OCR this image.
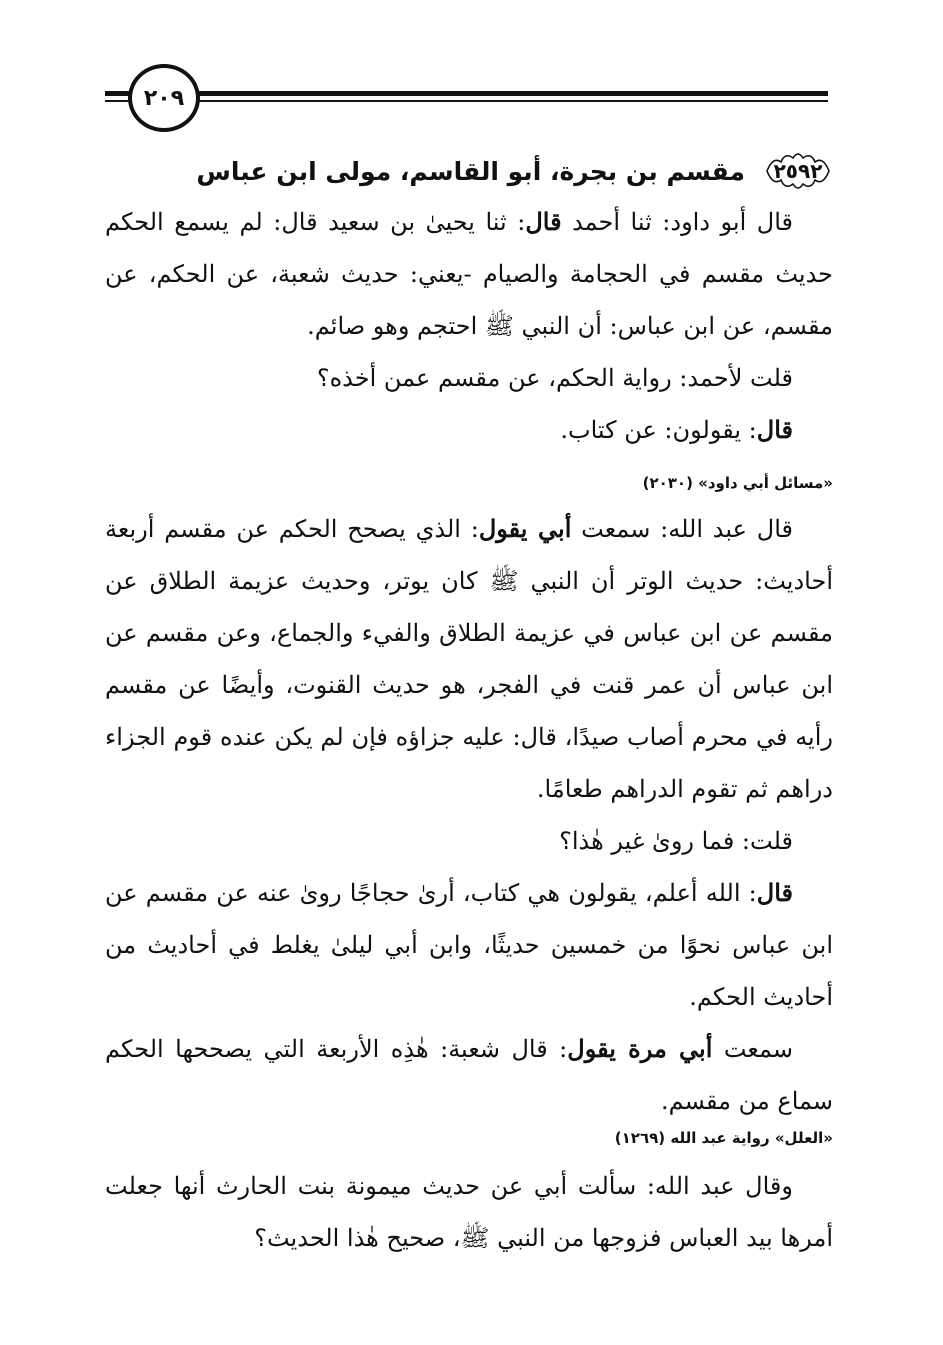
٢٠٩
٢٥٩٢
مقسم بن بجرة، أبو القاسم، مولى ابن عباس

قال أبو داود: ثنا أحمد قال: ثنا يحيىٰ بن سعيد قال: لم يسمع الحكم حديث مقسم في الحجامة والصيام -يعني: حديث شعبة، عن الحكم، عن مقسم، عن ابن عباس: أن النبي ﷺ احتجم وهو صائم.

قلت لأحمد: رواية الحكم، عن مقسم عمن أخذه؟

قال: يقولون: عن كتاب.

«مسائل أبي داود» (٢٠٣٠)

قال عبد الله: سمعت أبي يقول: الذي يصحح الحكم عن مقسم أربعة أحاديث: حديث الوتر أن النبي ﷺ كان يوتر، وحديث عزيمة الطلاق عن مقسم عن ابن عباس في عزيمة الطلاق والفيء والجماع، وعن مقسم عن ابن عباس أن عمر قنت في الفجر، هو حديث القنوت، وأيضًا عن مقسم رأيه في محرم أصاب صيدًا، قال: عليه جزاؤه فإن لم يكن عنده قوم الجزاء دراهم ثم تقوم الدراهم طعامًا.

قلت: فما روىٰ غير هٰذا؟

قال: الله أعلم، يقولون هي كتاب، أرىٰ حجاجًا روىٰ عنه عن مقسم عن ابن عباس نحوًا من خمسين حديثًا، وابن أبي ليلىٰ يغلط في أحاديث من أحاديث الحكم.

سمعت أبي مرة يقول: قال شعبة: هٰذِه الأربعة التي يصححها الحكم سماع من مقسم.

«العلل» رواية عبد الله (١٢٦٩)

وقال عبد الله: سألت أبي عن حديث ميمونة بنت الحارث أنها جعلت أمرها بيد العباس فزوجها من النبي ﷺ، صحيح هٰذا الحديث؟
